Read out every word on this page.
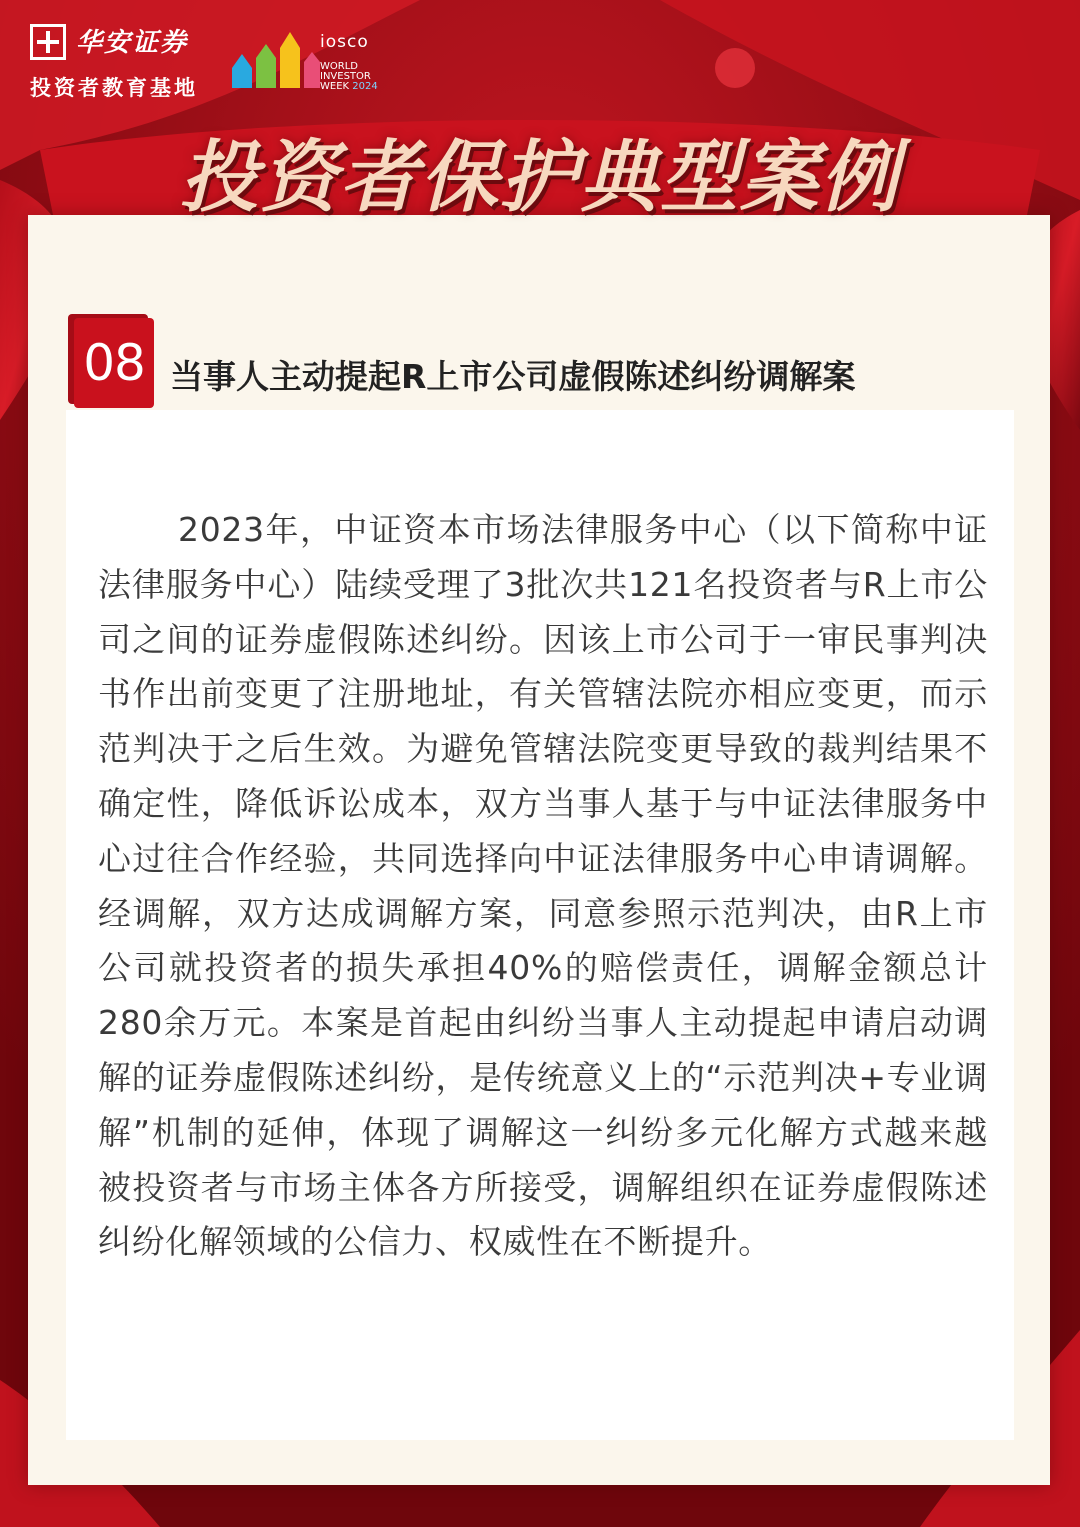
华安证券
投资者教育基地
iosco
WORLD
INVESTOR
WEEK 2024
投资者保护典型案例
08 当事人主动提起R上市公司虚假陈述纠纷调解案
2023年，中证资本市场法律服务中心（以下简称中证法律服务中心）陆续受理了3批次共121名投资者与R上市公司之间的证券虚假陈述纠纷。因该上市公司于一审民事判决书作出前变更了注册地址，有关管辖法院亦相应变更，而示范判决于之后生效。为避免管辖法院变更导致的裁判结果不确定性，降低诉讼成本，双方当事人基于与中证法律服务中心过往合作经验，共同选择向中证法律服务中心申请调解。经调解，双方达成调解方案，同意参照示范判决，由R上市公司就投资者的损失承担40%的赔偿责任，调解金额总计280余万元。本案是首起由纠纷当事人主动提起申请启动调解的证券虚假陈述纠纷，是传统意义上的“示范判决+专业调解”机制的延伸，体现了调解这一纠纷多元化解方式越来越被投资者与市场主体各方所接受，调解组织在证券虚假陈述纠纷化解领域的公信力、权威性在不断提升。
